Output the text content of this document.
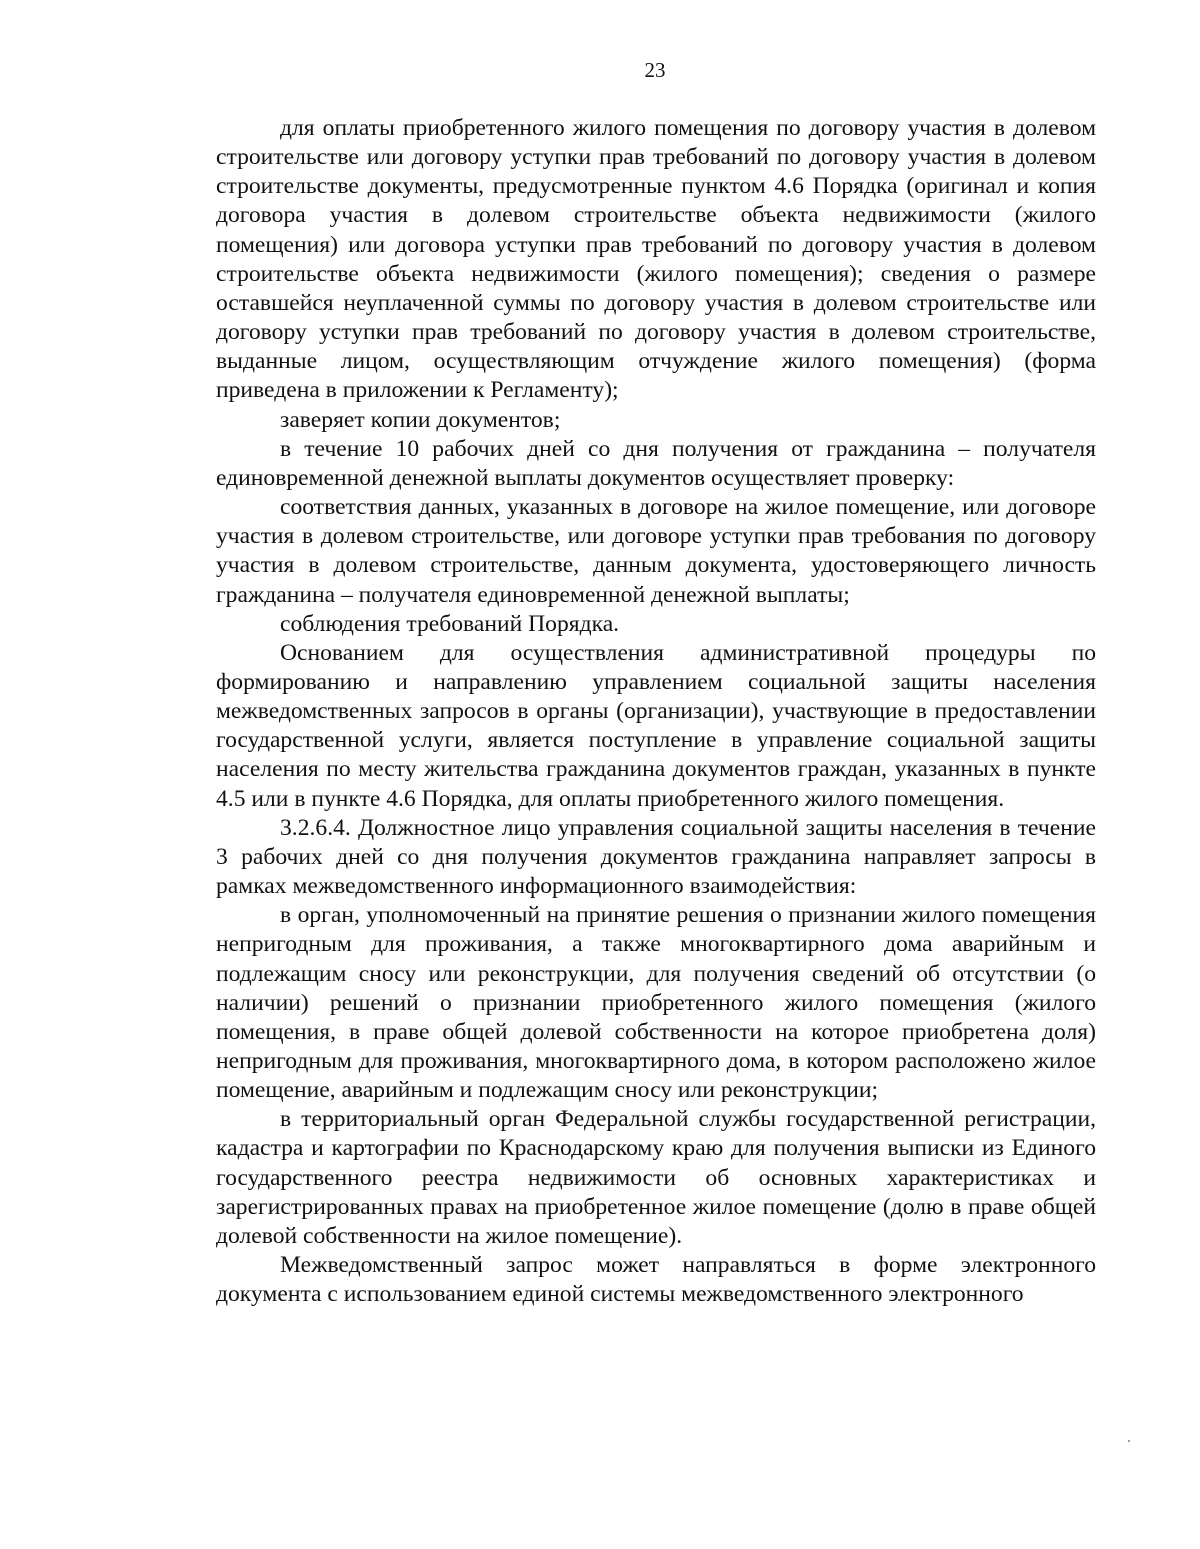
23

для оплаты приобретенного жилого помещения по договору участия в долевом строительстве или договору уступки прав требований по договору участия в долевом строительстве документы, предусмотренные пунктом 4.6 Порядка (оригинал и копия договора участия в долевом строительстве объекта недвижимости (жилого помещения) или договора уступки прав требований по договору участия в долевом строительстве объекта недвижимости (жилого помещения); сведения о размере оставшейся неуплаченной суммы по договору участия в долевом строительстве или договору уступки прав требований по договору участия в долевом строительстве, выданные лицом, осуществляющим отчуждение жилого помещения) (форма приведена в приложении к Регламенту);

заверяет копии документов;

в течение 10 рабочих дней со дня получения от гражданина – получателя единовременной денежной выплаты документов осуществляет проверку:

соответствия данных, указанных в договоре на жилое помещение, или договоре участия в долевом строительстве, или договоре уступки прав требования по договору участия в долевом строительстве, данным документа, удостоверяющего личность гражданина – получателя единовременной денежной выплаты;

соблюдения требований Порядка.

Основанием для осуществления административной процедуры по формированию и направлению управлением социальной защиты населения межведомственных запросов в органы (организации), участвующие в предоставлении государственной услуги, является поступление в управление социальной защиты населения по месту жительства гражданина документов граждан, указанных в пункте 4.5 или в пункте 4.6 Порядка, для оплаты приобретенного жилого помещения.

3.2.6.4. Должностное лицо управления социальной защиты населения в течение 3 рабочих дней со дня получения документов гражданина направляет запросы в рамках межведомственного информационного взаимодействия:

в орган, уполномоченный на принятие решения о признании жилого помещения непригодным для проживания, а также многоквартирного дома аварийным и подлежащим сносу или реконструкции, для получения сведений об отсутствии (о наличии) решений о признании приобретенного жилого помещения (жилого помещения, в праве общей долевой собственности на которое приобретена доля) непригодным для проживания, многоквартирного дома, в котором расположено жилое помещение, аварийным и подлежащим сносу или реконструкции;

в территориальный орган Федеральной службы государственной регистрации, кадастра и картографии по Краснодарскому краю для получения выписки из Единого государственного реестра недвижимости об основных характеристиках и зарегистрированных правах на приобретенное жилое помещение (долю в праве общей долевой собственности на жилое помещение).

Межведомственный запрос может направляться в форме электронного документа с использованием единой системы межведомственного электронного
